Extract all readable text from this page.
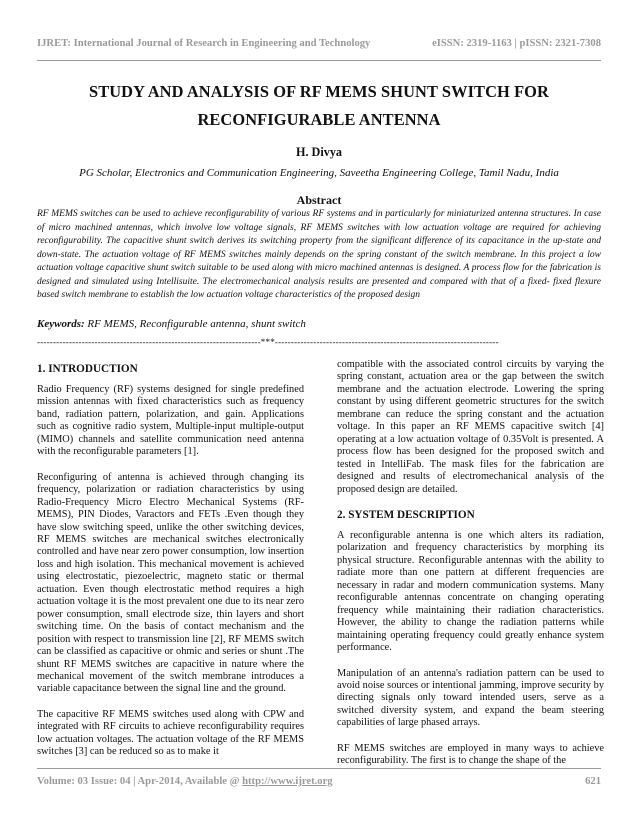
IJRET: International Journal of Research in Engineering and Technology	eISSN: 2319-1163 | pISSN: 2321-7308
STUDY AND ANALYSIS OF RF MEMS SHUNT SWITCH FOR
RECONFIGURABLE ANTENNA
H. Divya
PG Scholar, Electronics and Communication Engineering, Saveetha Engineering College, Tamil Nadu, India
Abstract
RF MEMS switches can be used to achieve reconfigurability of various RF systems and in particularly for miniaturized antenna structures. In case of micro machined antennas, which involve low voltage signals, RF MEMS switches with low actuation voltage are required for achieving reconfigurability. The capacitive shunt switch derives its switching property from the significant difference of its capacitance in the up-state and down-state. The actuation voltage of RF MEMS switches mainly depends on the spring constant of the switch membrane. In this project a low actuation voltage capacitive shunt switch suitable to be used along with micro machined antennas is designed. A process flow for the fabrication is designed and simulated using Intellisuite. The electromechanical analysis results are presented and compared with that of a fixed- fixed flexure based switch membrane to establish the low actuation voltage characteristics of the proposed design
Keywords: RF MEMS, Reconfigurable antenna, shunt switch
----------------------------------------------------------------------***----------------------------------------------------------------------
1. INTRODUCTION

Radio Frequency (RF) systems designed for single predefined mission antennas with fixed characteristics such as frequency band, radiation pattern, polarization, and gain. Applications such as cognitive radio system, Multiple-input multiple-output (MIMO) channels and satellite communication need antenna with the reconfigurable parameters [1].

Reconfiguring of antenna is achieved through changing its frequency, polarization or radiation characteristics by using Radio-Frequency Micro Electro Mechanical Systems (RF-MEMS), PIN Diodes, Varactors and FETs .Even though they have slow switching speed, unlike the other switching devices, RF MEMS switches are mechanical switches electronically controlled and have near zero power consumption, low insertion loss and high isolation. This mechanical movement is achieved using electrostatic, piezoelectric, magneto static or thermal actuation. Even though electrostatic method requires a high actuation voltage it is the most prevalent one due to its near zero power consumption, small electrode size, thin layers and short switching time. On the basis of contact mechanism and the position with respect to transmission line [2], RF MEMS switch can be classified as capacitive or ohmic and series or shunt .The shunt RF MEMS switches are capacitive in nature where the mechanical movement of the switch membrane introduces a variable capacitance between the signal line and the ground.

The capacitive RF MEMS switches used along with CPW and integrated with RF circuits to achieve reconfigurability requires low actuation voltages. The actuation voltage of the RF MEMS switches [3] can be reduced so as to make it

compatible with the associated control circuits by varying the spring constant, actuation area or the gap between the switch membrane and the actuation electrode. Lowering the spring constant by using different geometric structures for the switch membrane can reduce the spring constant and the actuation voltage. In this paper an RF MEMS capacitive switch [4] operating at a low actuation voltage of 0.35Volt is presented. A process flow has been designed for the proposed switch and tested in IntelliFab. The mask files for the fabrication are designed and results of electromechanical analysis of the proposed design are detailed.

2. SYSTEM DESCRIPTION

A reconfigurable antenna is one which alters its radiation, polarization and frequency characteristics by morphing its physical structure. Reconfigurable antennas with the ability to radiate more than one pattern at different frequencies are necessary in radar and modern communication systems. Many reconfigurable antennas concentrate on changing operating frequency while maintaining their radiation characteristics. However, the ability to change the radiation patterns while maintaining operating frequency could greatly enhance system performance.

Manipulation of an antenna's radiation pattern can be used to avoid noise sources or intentional jamming, improve security by directing signals only toward intended users, serve as a switched diversity system, and expand the beam steering capabilities of large phased arrays.

RF MEMS switches are employed in many ways to achieve reconfigurability. The first is to change the shape of the

Volume: 03 Issue: 04 | Apr-2014, Available @ http://www.ijret.org	621
